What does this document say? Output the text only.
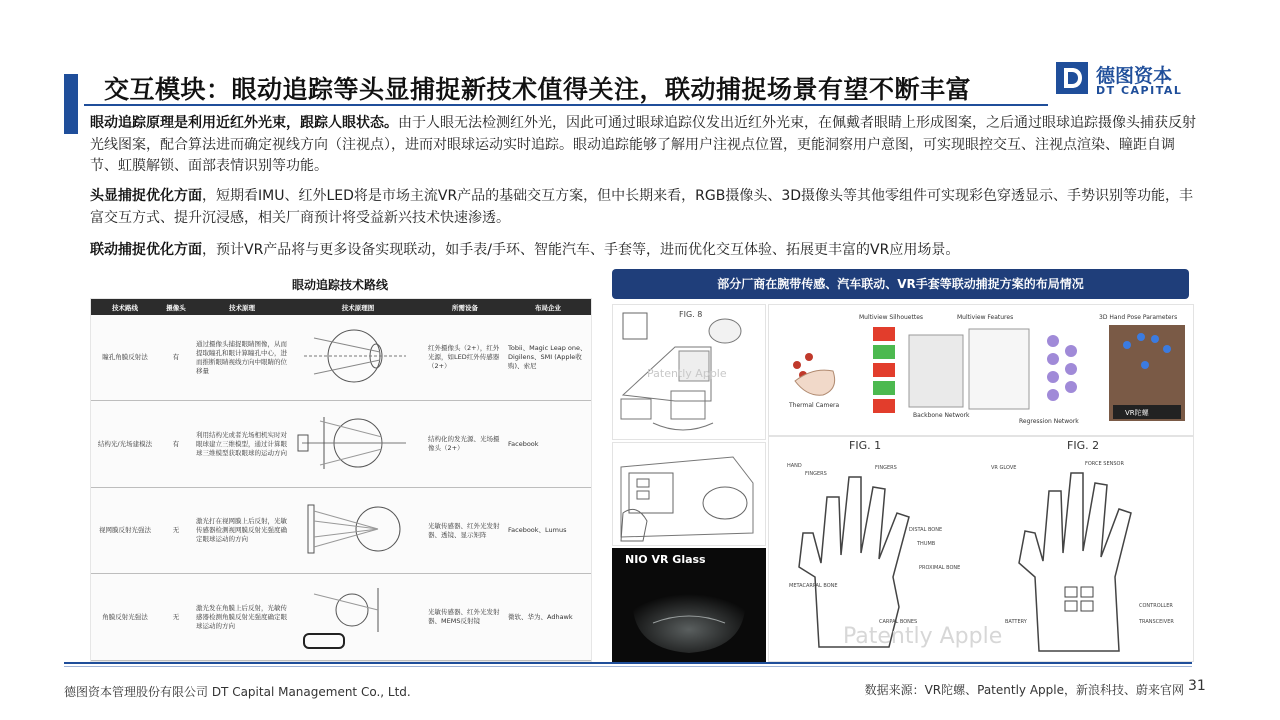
交互模块：眼动追踪等头显捕捉新技术值得关注，联动捕捉场景有望不断丰富	德图资本
DT CAPITAL
眼动追踪原理是利用近红外光束，跟踪人眼状态。由于人眼无法检测红外光，因此可通过眼球追踪仪发出近红外光束，在佩戴者眼睛上形成图案，之后通过眼球追踪摄像头捕获反射光线图案，配合算法进而确定视线方向（注视点），进而对眼球运动实时追踪。眼动追踪能够了解用户注视点位置，更能洞察用户意图，可实现眼控交互、注视点渲染、瞳距自调节、虹膜解锁、面部表情识别等功能。
头显捕捉优化方面，短期看IMU、红外LED将是市场主流VR产品的基础交互方案，但中长期来看，RGB摄像头、3D摄像头等其他零组件可实现彩色穿透显示、手势识别等功能，丰富交互方式、提升沉浸感，相关厂商预计将受益新兴技术快速渗透。
联动捕捉优化方面，预计VR产品将与更多设备实现联动，如手表/手环、智能汽车、手套等，进而优化交互体验、拓展更丰富的VR应用场景。
眼动追踪技术路线
技术路线	摄像头	技术原理	技术原理图	所需设备	布局企业
瞳孔角膜反射法	有	通过摄像头捕捉眼睛图像，从而提取瞳孔和眼计算瞳孔中心，进而推断眼睛视线方向中眼睛的位移量		红外摄像头（2+），红外光源，如LED红外传感器（2+）	Tobii、Magic Leap one、Digilens、SMI (Apple收购)、索尼
结构光/光场建模法	有	利用结构光或者光场相机实时对眼球建立三维模型，通过计算眼球三维模型获取眼球的运动方向		结构化的发光源、光场摄像头（2+）	Facebook
视网膜反射光强法	无	激光打在视网膜上后反射，光敏传感器检测视网膜反射光强度确定眼球运动的方向		光敏传感器、红外光发射器、透镜、显示矩阵	Facebook、Lumus
角膜反射光强法	无	激光发在角膜上后反射，光敏传感器检测角膜反射光强度确定眼球运动的方向		光敏传感器、红外光发射器、MEMS反射镜	微软、华为、Adhawk
部分厂商在腕带传感、汽车联动、VR手套等联动捕捉方案的布局情况
FIG. 8
Patently Apple
Multiview Silhouettes	Multiview Features	3D Hand Pose Parameters
Thermal Camera
Backbone Network
Regression Network
VR陀螺
NIO VR Glass
FIG. 1	FIG. 2
HAND
FINGERS
FINGERS
THUMB
METACARPAL BONE
PROXIMAL BONE
DISTAL BONE
CARPAL BONES
VR GLOVE
FORCE SENSOR
CONTROLLER
TRANSCEIVER
BATTERY
Patently Apple
德图资本管理股份有限公司 DT Capital Management Co., Ltd.	数据来源：VR陀螺、Patently Apple，新浪科技、蔚来官网 31
